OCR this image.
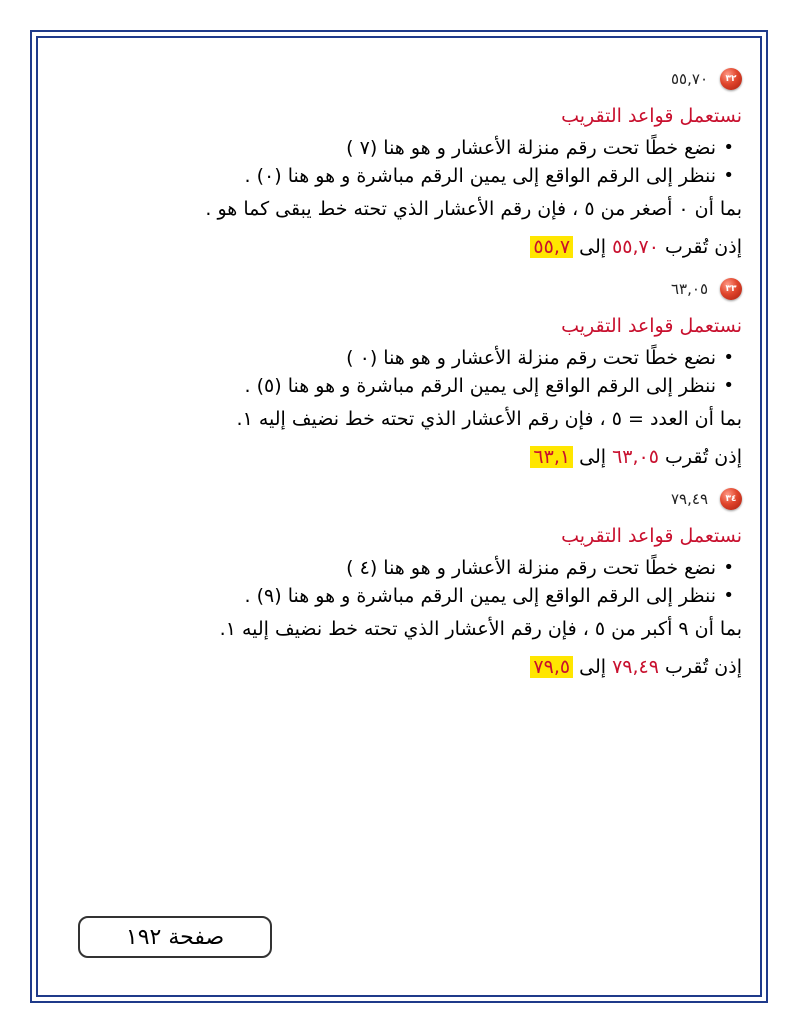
٣٢
٥٥,٧٠
نستعمل قواعد التقريب
• نضع خطًا تحت رقم منزلة الأعشار و هو هنا (٧ )
• ننظر إلى الرقم الواقع إلى يمين الرقم مباشرة و هو هنا (٠) .
بما أن ٠ أصغر من ٥ ، فإن رقم الأعشار الذي تحته خط يبقى كما هو .
إذن تُقرب ٥٥,٧٠ إلى ٥٥,٧
٣٣
٦٣,٠٥
نستعمل قواعد التقريب
• نضع خطًا تحت رقم منزلة الأعشار و هو هنا (٠ )
• ننظر إلى الرقم الواقع إلى يمين الرقم مباشرة و هو هنا (٥) .
بما أن العدد = ٥ ، فإن رقم الأعشار الذي تحته خط نضيف إليه ١.
إذن تُقرب ٦٣,٠٥ إلى ٦٣,١
٣٤
٧٩,٤٩
نستعمل قواعد التقريب
• نضع خطًا تحت رقم منزلة الأعشار و هو هنا (٤ )
• ننظر إلى الرقم الواقع إلى يمين الرقم مباشرة و هو هنا (٩) .
بما أن ٩ أكبر من ٥ ، فإن رقم الأعشار الذي تحته خط نضيف إليه ١.
إذن تُقرب ٧٩,٤٩ إلى ٧٩,٥
صفحة ١٩٢
